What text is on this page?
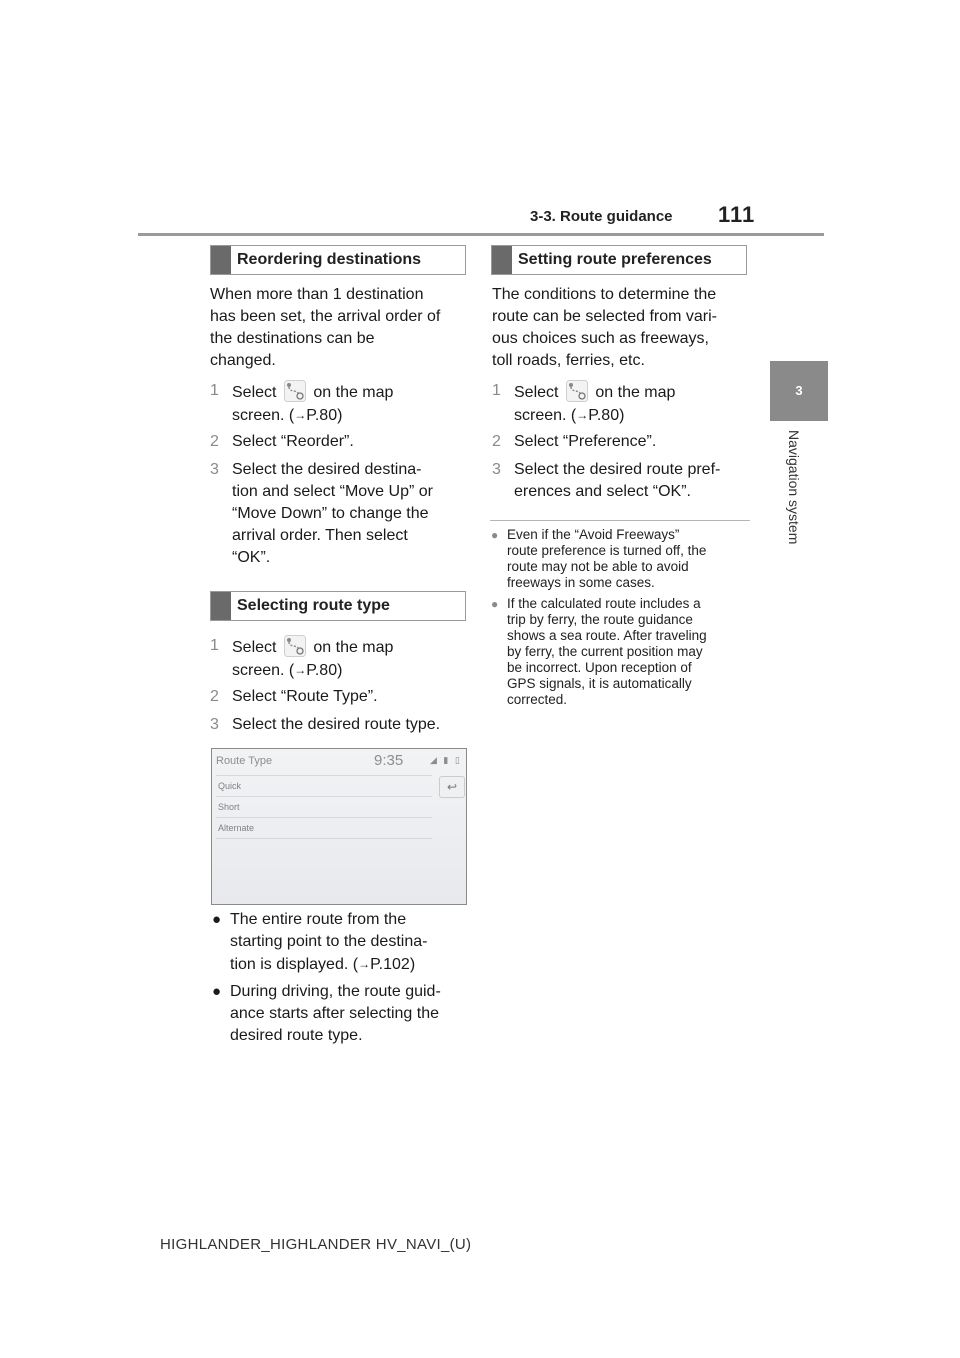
3-3. Route guidance 111
3
Navigation system
Reordering destinations
When more than 1 destination
has been set, the arrival order of
the destinations can be
changed.
1 Select on the map
screen. (→P.80)
2 Select “Reorder”.
3 Select the desired destina-
tion and select “Move Up” or
“Move Down” to change the
arrival order. Then select
“OK”.
Selecting route type
1 Select on the map
screen. (→P.80)
2 Select “Route Type”.
3 Select the desired route type.
Route Type	9:35	◢ ▮ ▯
↩
Quick
Short
Alternate
● The entire route from the
starting point to the destina-
tion is displayed. (→P.102)
● During driving, the route guid-
ance starts after selecting the
desired route type.
Setting route preferences
The conditions to determine the
route can be selected from vari-
ous choices such as freeways,
toll roads, ferries, etc.
1 Select on the map
screen. (→P.80)
2 Select “Preference”.
3 Select the desired route pref-
erences and select “OK”.
● Even if the “Avoid Freeways”
route preference is turned off, the
route may not be able to avoid
freeways in some cases.
● If the calculated route includes a
trip by ferry, the route guidance
shows a sea route. After traveling
by ferry, the current position may
be incorrect. Upon reception of
GPS signals, it is automatically
corrected.
HIGHLANDER_HIGHLANDER HV_NAVI_(U)
